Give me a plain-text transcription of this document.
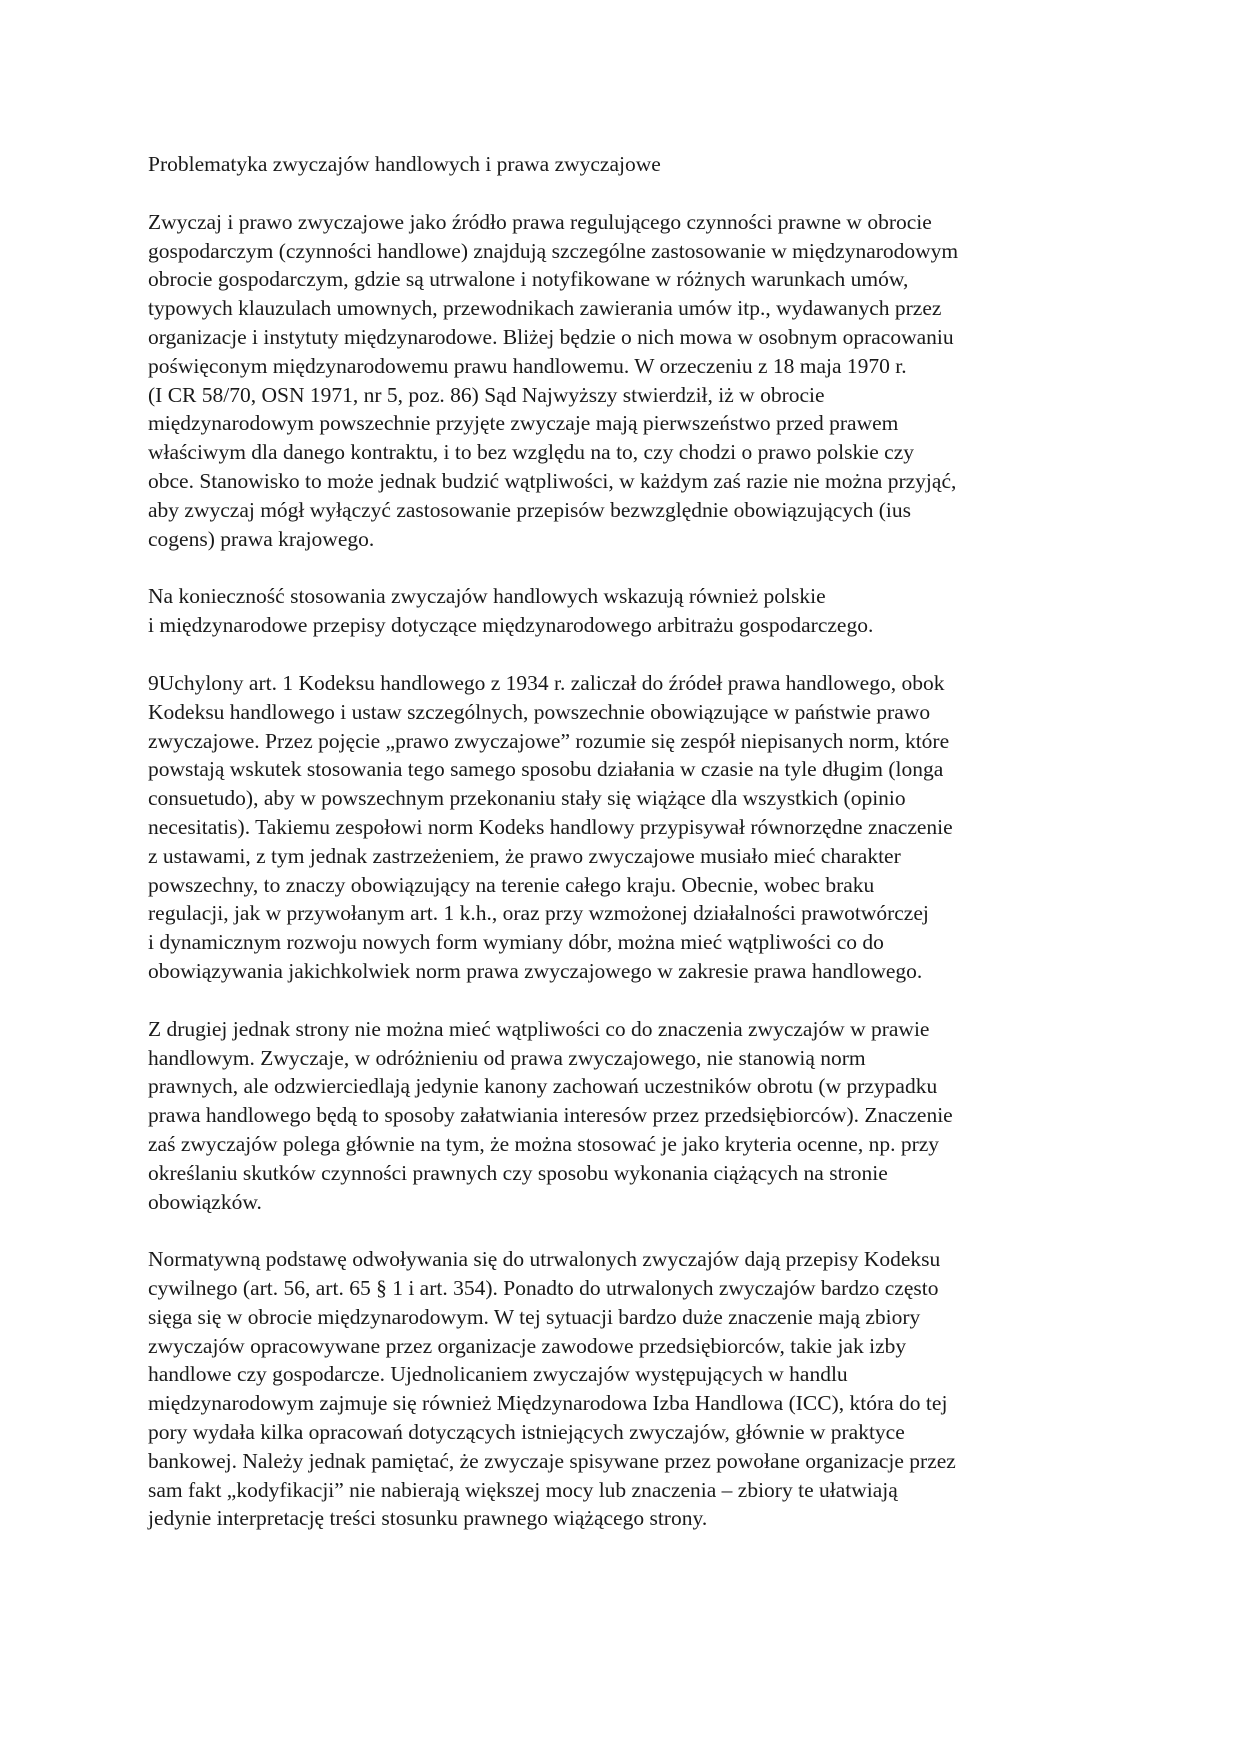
Problematyka zwyczajów handlowych i prawa zwyczajowe
Zwyczaj i prawo zwyczajowe jako źródło prawa regulującego czynności prawne w obrocie
gospodarczym (czynności handlowe) znajdują szczególne zastosowanie w międzynarodowym
obrocie gospodarczym, gdzie są utrwalone i notyfikowane w różnych warunkach umów,
typowych klauzulach umownych, przewodnikach zawierania umów itp., wydawanych przez
organizacje i instytuty międzynarodowe. Bliżej będzie o nich mowa w osobnym opracowaniu
poświęconym międzynarodowemu prawu handlowemu. W orzeczeniu z 18 maja 1970 r.
(I CR 58/70, OSN 1971, nr 5, poz. 86) Sąd Najwyższy stwierdził, iż w obrocie
międzynarodowym powszechnie przyjęte zwyczaje mają pierwszeństwo przed prawem
właściwym dla danego kontraktu, i to bez względu na to, czy chodzi o prawo polskie czy
obce. Stanowisko to może jednak budzić wątpliwości, w każdym zaś razie nie można przyjąć,
aby zwyczaj mógł wyłączyć zastosowanie przepisów bezwzględnie obowiązujących (ius
cogens) prawa krajowego.
Na konieczność stosowania zwyczajów handlowych wskazują również polskie
i międzynarodowe przepisy dotyczące międzynarodowego arbitrażu gospodarczego.
9Uchylony art. 1 Kodeksu handlowego z 1934 r. zaliczał do źródeł prawa handlowego, obok
Kodeksu handlowego i ustaw szczególnych, powszechnie obowiązujące w państwie prawo
zwyczajowe. Przez pojęcie „prawo zwyczajowe” rozumie się zespół niepisanych norm, które
powstają wskutek stosowania tego samego sposobu działania w czasie na tyle długim (longa
consuetudo), aby w powszechnym przekonaniu stały się wiążące dla wszystkich (opinio
necesitatis). Takiemu zespołowi norm Kodeks handlowy przypisywał równorzędne znaczenie
z ustawami, z tym jednak zastrzeżeniem, że prawo zwyczajowe musiało mieć charakter
powszechny, to znaczy obowiązujący na terenie całego kraju. Obecnie, wobec braku
regulacji, jak w przywołanym art. 1 k.h., oraz przy wzmożonej działalności prawotwórczej
i dynamicznym rozwoju nowych form wymiany dóbr, można mieć wątpliwości co do
obowiązywania jakichkolwiek norm prawa zwyczajowego w zakresie prawa handlowego.
Z drugiej jednak strony nie można mieć wątpliwości co do znaczenia zwyczajów w prawie
handlowym. Zwyczaje, w odróżnieniu od prawa zwyczajowego, nie stanowią norm
prawnych, ale odzwierciedlają jedynie kanony zachowań uczestników obrotu (w przypadku
prawa handlowego będą to sposoby załatwiania interesów przez przedsiębiorców). Znaczenie
zaś zwyczajów polega głównie na tym, że można stosować je jako kryteria ocenne, np. przy
określaniu skutków czynności prawnych czy sposobu wykonania ciążących na stronie
obowiązków.
Normatywną podstawę odwoływania się do utrwalonych zwyczajów dają przepisy Kodeksu
cywilnego (art. 56, art. 65 § 1 i art. 354). Ponadto do utrwalonych zwyczajów bardzo często
sięga się w obrocie międzynarodowym. W tej sytuacji bardzo duże znaczenie mają zbiory
zwyczajów opracowywane przez organizacje zawodowe przedsiębiorców, takie jak izby
handlowe czy gospodarcze. Ujednolicaniem zwyczajów występujących w handlu
międzynarodowym zajmuje się również Międzynarodowa Izba Handlowa (ICC), która do tej
pory wydała kilka opracowań dotyczących istniejących zwyczajów, głównie w praktyce
bankowej. Należy jednak pamiętać, że zwyczaje spisywane przez powołane organizacje przez
sam fakt „kodyfikacji” nie nabierają większej mocy lub znaczenia – zbiory te ułatwiają
jedynie interpretację treści stosunku prawnego wiążącego strony.
